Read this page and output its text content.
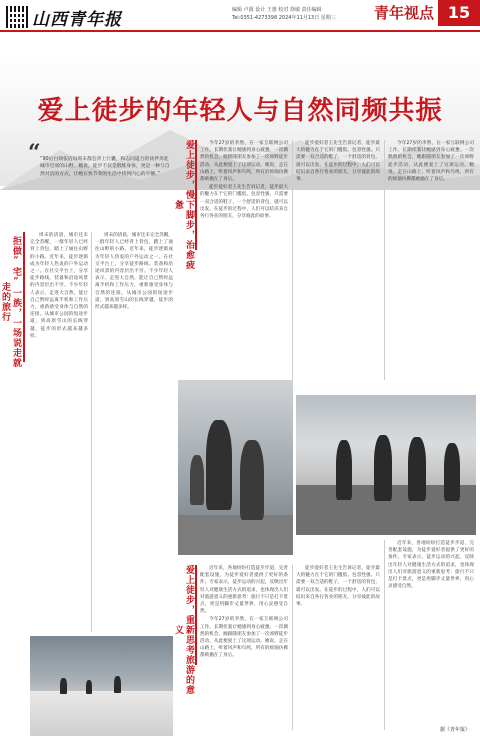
山西青年报	编辑 卢圆 设计 王惠 校对 徐敏 责任编辑
Tel:0351-4273398 2024年11月13日 星期三	青年视点 15
爱上徒步的年轻人与自然同频共振
“ “90后白领张洁每周末都会背上行囊，和志同道合的伙伴奔赴城市近郊的山野。她说，徒步不仅是锻炼身体，更是一种与自然对话的方式，让她在快节奏的生活中找到内心的平静。”
拒做“宅”一族，一场说走就走的旅行

周末的清晨，城市还未完全苏醒，一群年轻人已经背上背包，踏上了通往山野的小路。近年来，徒步逐渐成为年轻人热衷的户外运动之一。在社交平台上，分享徒步路线、装备和沿途风景的内容层出不穷。不少年轻人表示，走进大自然，能让自己暂时远离手机和工作压力，重新感受身体与自然的连接。从城市公园的短途步道，到高原雪山的长线穿越，徒步的形式越来越多样。

周末的清晨，城市还未完全苏醒，一群年轻人已经背上背包，踏上了通往山野的小路。近年来，徒步逐渐成为年轻人热衷的户外运动之一。在社交平台上，分享徒步路线、装备和沿途风景的内容层出不穷。不少年轻人表示，走进大自然，能让自己暂时远离手机和工作压力，重新感受身体与自然的连接。从城市公园的短途步道，到高原雪山的长线穿越，徒步的形式越来越多样。

爱上徒步，慢下脚步，治愈疲惫

今年27岁的李然，在一家互联网公司工作。长期伏案让她感到身心疲惫。一次偶然的机会，她跟随朋友参加了一次郊野徒步活动，从此便爱上了这项运动。她说，走在山路上，听着风声和鸟鸣，所有的烦恼仿佛都被抛在了身后。

徒步爱好者王先生告诉记者，徒步最大的魅力在于它的门槛低、包容性强。只需要一双合适的鞋子，一个舒适的背包，就可以出发。在徒步的过程中，人们可以结识来自各行各业的朋友，分享彼此的故事。

徒步爱好者王先生告诉记者，徒步最大的魅力在于它的门槛低、包容性强。只需要一双合适的鞋子，一个舒适的背包，就可以出发。在徒步的过程中，人们可以结识来自各行各业的朋友，分享彼此的故事。

今年27岁的李然，在一家互联网公司工作。长期伏案让她感到身心疲惫。一次偶然的机会，她跟随朋友参加了一次郊野徒步活动，从此便爱上了这项运动。她说，走在山路上，听着风声和鸟鸣，所有的烦恼仿佛都被抛在了身后。

爱上徒步，重新思考旅游的意义

近年来，各地纷纷打造徒步步道，完善配套设施，为徒步爱好者提供了更好的条件。专家表示，徒步运动的兴起，反映出年轻人对健康生活方式的追求，也体现出人们对旅游意义的重新思考：旅行不只是打卡景点，更是用脚步丈量世界，用心灵感受自然。

今年27岁的李然，在一家互联网公司工作。长期伏案让她感到身心疲惫。一次偶然的机会，她跟随朋友参加了一次郊野徒步活动，从此便爱上了这项运动。她说，走在山路上，听着风声和鸟鸣，所有的烦恼仿佛都被抛在了身后。

徒步爱好者王先生告诉记者，徒步最大的魅力在于它的门槛低、包容性强。只需要一双合适的鞋子，一个舒适的背包，就可以出发。在徒步的过程中，人们可以结识来自各行各业的朋友，分享彼此的故事。

近年来，各地纷纷打造徒步步道，完善配套设施，为徒步爱好者提供了更好的条件。专家表示，徒步运动的兴起，反映出年轻人对健康生活方式的追求，也体现出人们对旅游意义的重新思考：旅行不只是打卡景点，更是用脚步丈量世界，用心灵感受自然。

据《青年报》
